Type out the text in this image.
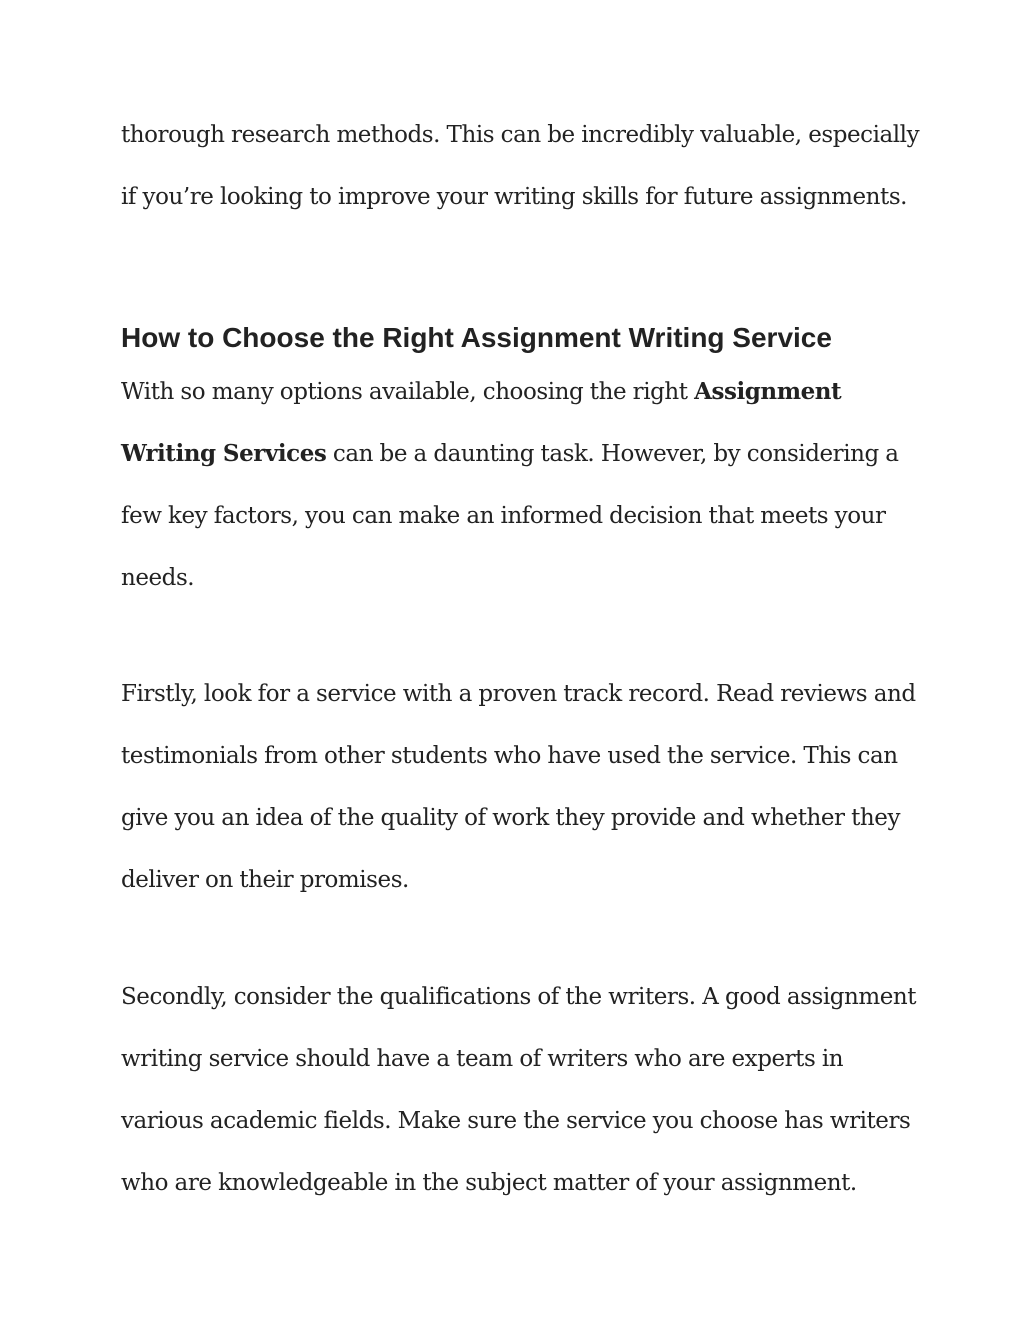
thorough research methods. This can be incredibly valuable, especially if you’re looking to improve your writing skills for future assignments.

How to Choose the Right Assignment Writing Service

With so many options available, choosing the right Assignment Writing Services can be a daunting task. However, by considering a few key factors, you can make an informed decision that meets your needs.

Firstly, look for a service with a proven track record. Read reviews and testimonials from other students who have used the service. This can give you an idea of the quality of work they provide and whether they deliver on their promises.

Secondly, consider the qualifications of the writers. A good assignment writing service should have a team of writers who are experts in various academic fields. Make sure the service you choose has writers who are knowledgeable in the subject matter of your assignment.
